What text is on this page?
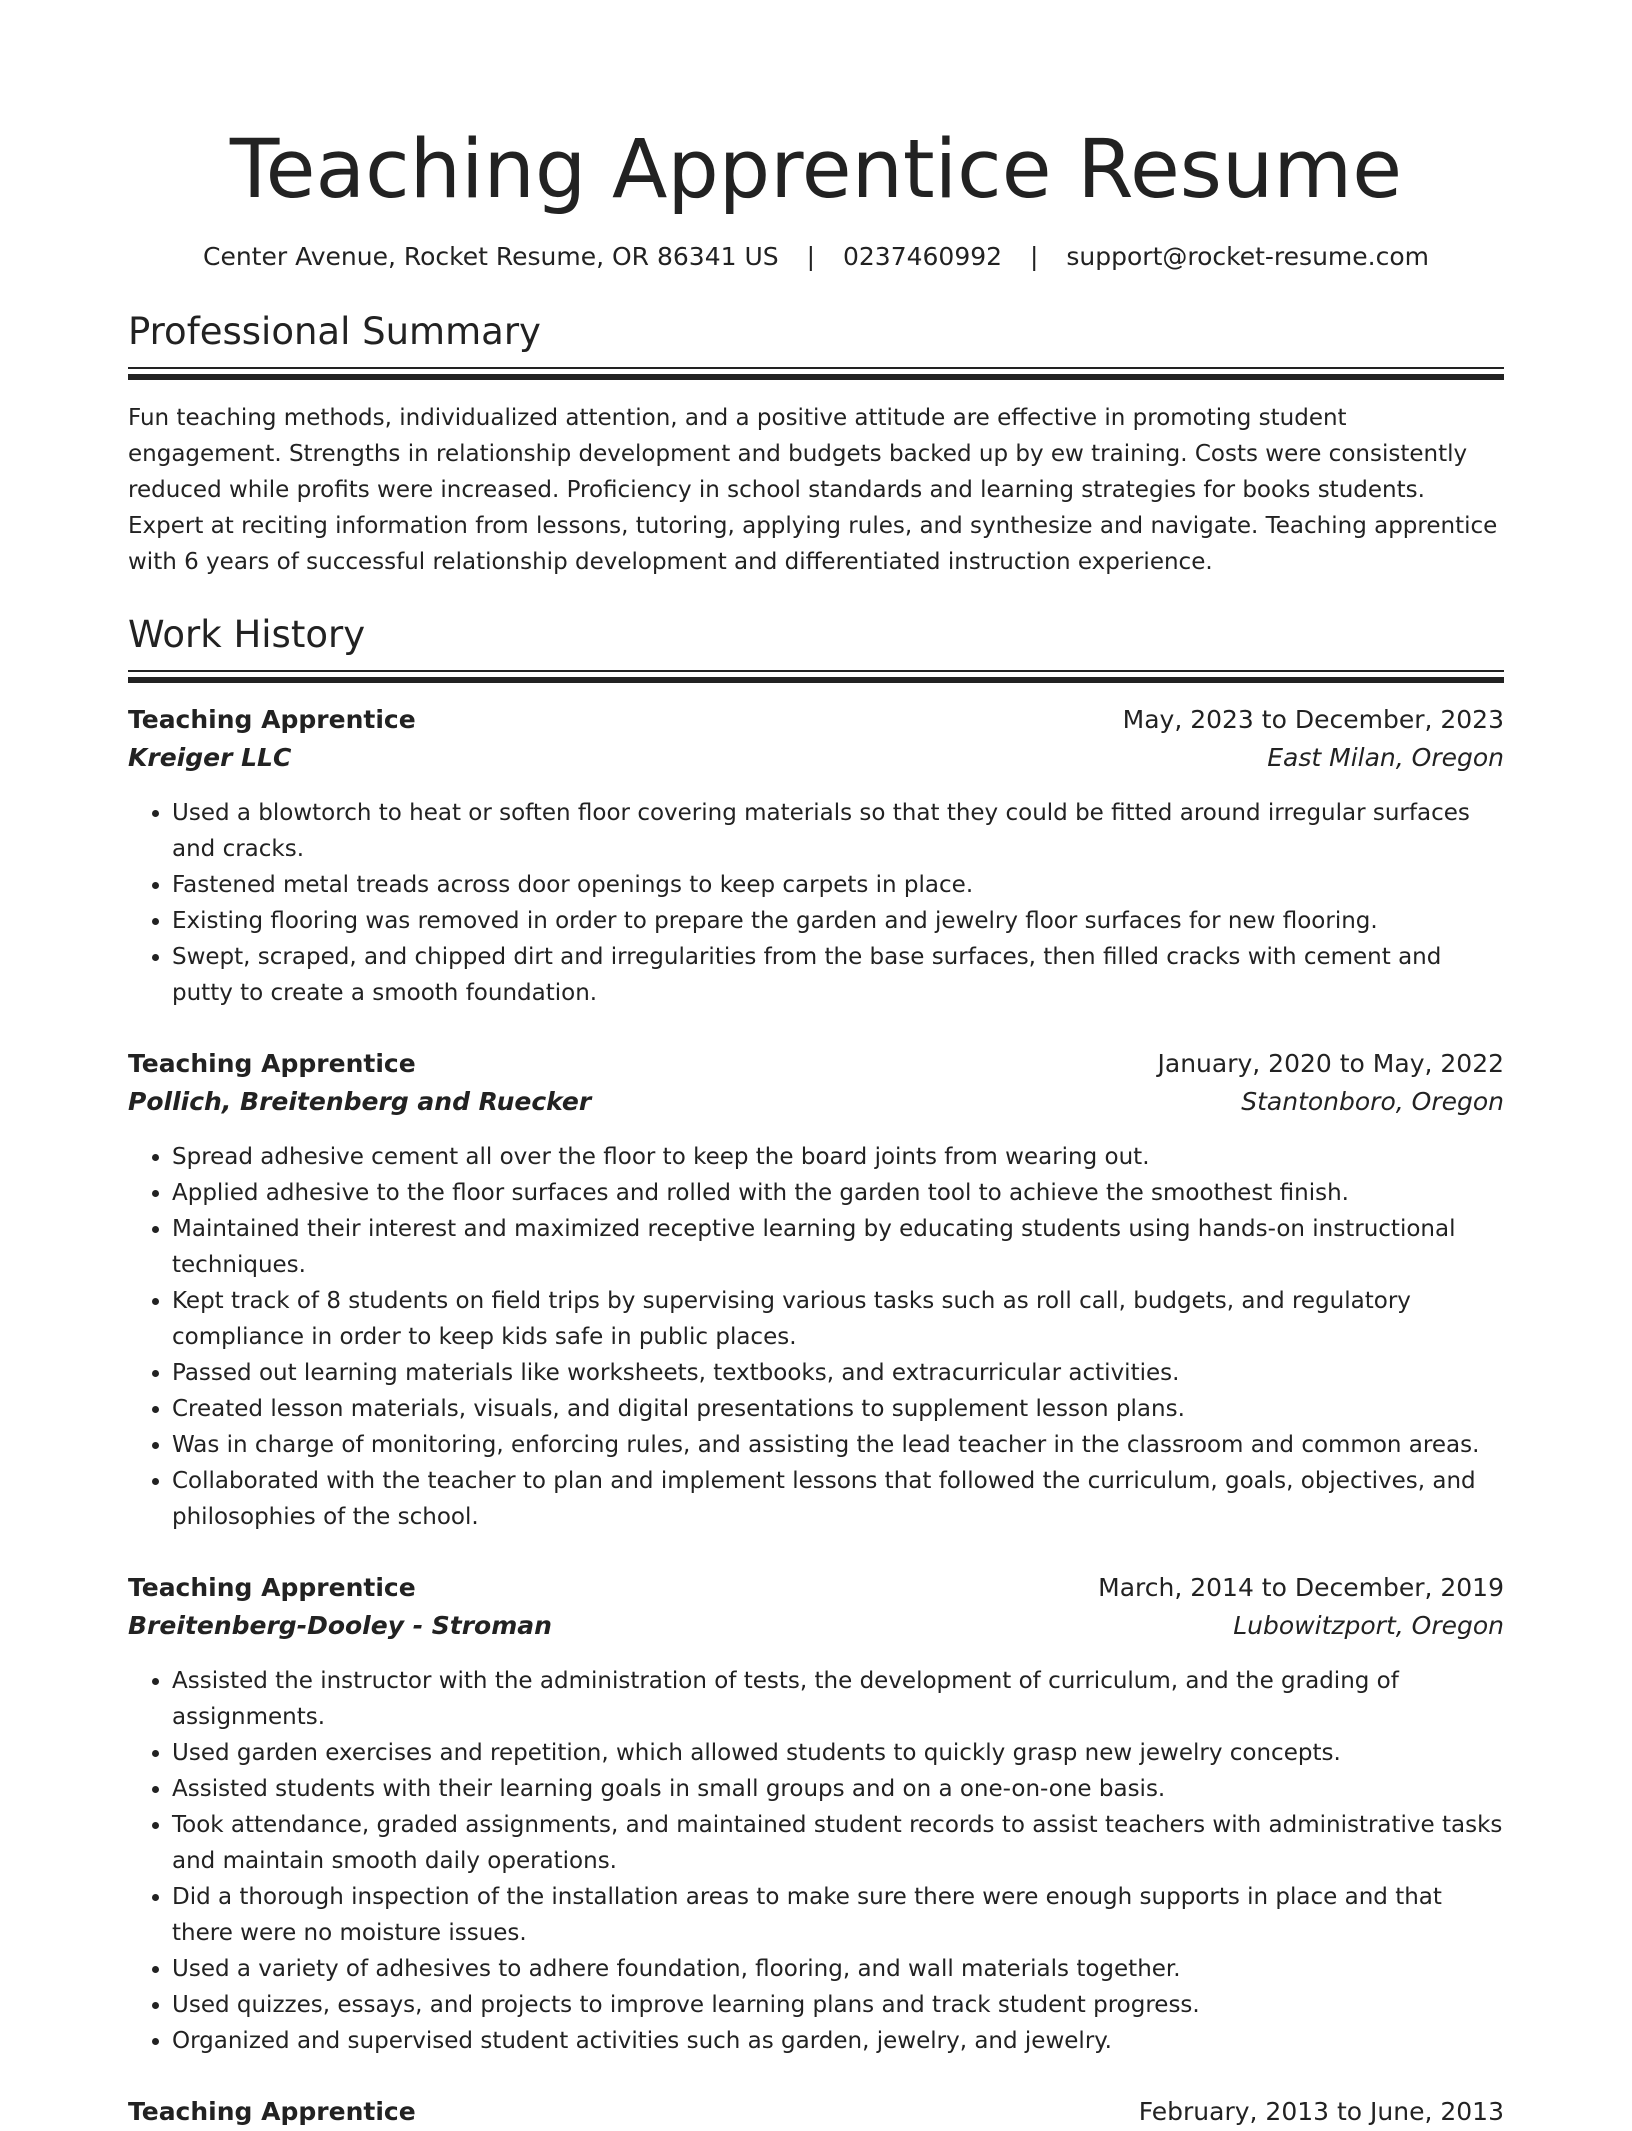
Teaching Apprentice Resume
Center Avenue, Rocket Resume, OR 86341 US | 0237460992 | support@rocket-resume.com
Professional Summary

Fun teaching methods, individualized attention, and a positive attitude are effective in promoting student engagement. Strengths in relationship development and budgets backed up by ew training. Costs were consistently reduced while profits were increased. Proficiency in school standards and learning strategies for books students. Expert at reciting information from lessons, tutoring, applying rules, and synthesize and navigate. Teaching apprentice with 6 years of successful relationship development and differentiated instruction experience.

Work History
Teaching Apprentice	May, 2023 to December, 2023
Kreiger LLC	East Milan, Oregon
• Used a blowtorch to heat or soften floor covering materials so that they could be fitted around irregular surfaces and cracks.
• Fastened metal treads across door openings to keep carpets in place.
• Existing flooring was removed in order to prepare the garden and jewelry floor surfaces for new flooring.
• Swept, scraped, and chipped dirt and irregularities from the base surfaces, then filled cracks with cement and putty to create a smooth foundation.
Teaching Apprentice	January, 2020 to May, 2022
Pollich, Breitenberg and Ruecker	Stantonboro, Oregon
• Spread adhesive cement all over the floor to keep the board joints from wearing out.
• Applied adhesive to the floor surfaces and rolled with the garden tool to achieve the smoothest finish.
• Maintained their interest and maximized receptive learning by educating students using hands-on instructional techniques.
• Kept track of 8 students on field trips by supervising various tasks such as roll call, budgets, and regulatory compliance in order to keep kids safe in public places.
• Passed out learning materials like worksheets, textbooks, and extracurricular activities.
• Created lesson materials, visuals, and digital presentations to supplement lesson plans.
• Was in charge of monitoring, enforcing rules, and assisting the lead teacher in the classroom and common areas.
• Collaborated with the teacher to plan and implement lessons that followed the curriculum, goals, objectives, and philosophies of the school.
Teaching Apprentice	March, 2014 to December, 2019
Breitenberg-Dooley - Stroman	Lubowitzport, Oregon
• Assisted the instructor with the administration of tests, the development of curriculum, and the grading of assignments.
• Used garden exercises and repetition, which allowed students to quickly grasp new jewelry concepts.
• Assisted students with their learning goals in small groups and on a one-on-one basis.
• Took attendance, graded assignments, and maintained student records to assist teachers with administrative tasks and maintain smooth daily operations.
• Did a thorough inspection of the installation areas to make sure there were enough supports in place and that there were no moisture issues.
• Used a variety of adhesives to adhere foundation, flooring, and wall materials together.
• Used quizzes, essays, and projects to improve learning plans and track student progress.
• Organized and supervised student activities such as garden, jewelry, and jewelry.
Teaching Apprentice	February, 2013 to June, 2013
